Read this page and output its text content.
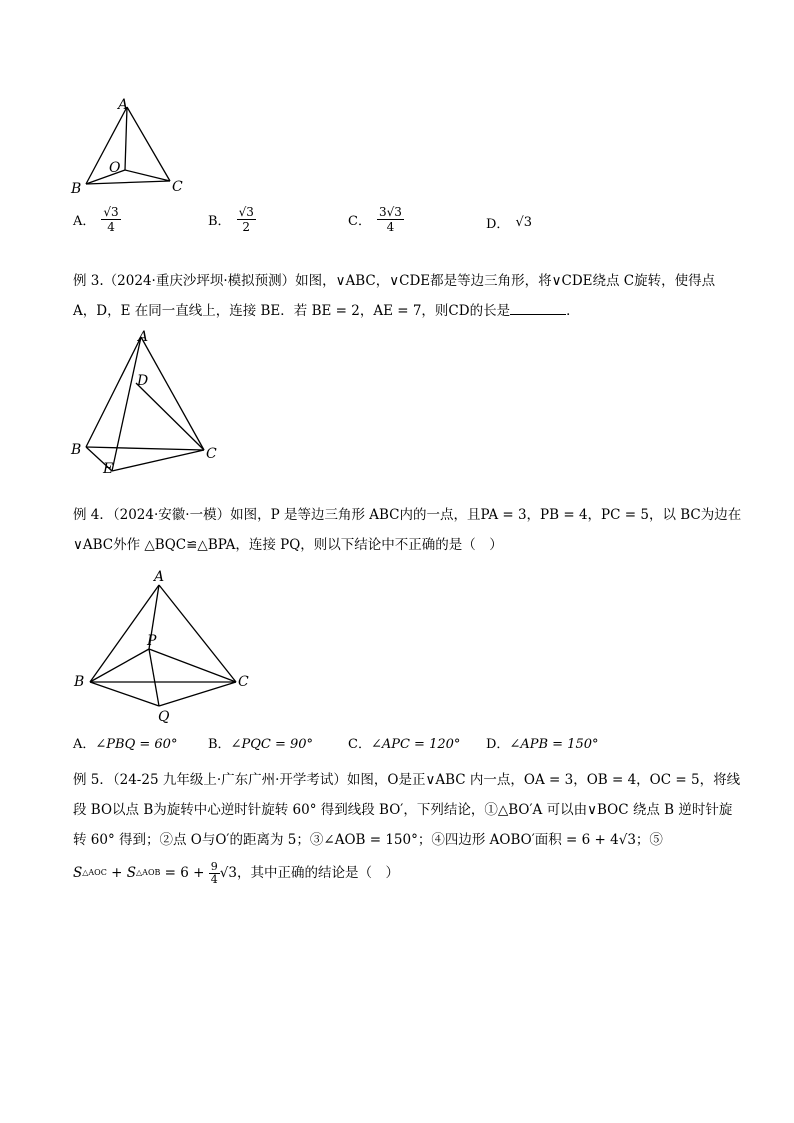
A
B	C
O
A． $\frac{√3}{4}$	B． $\frac{√3}{2}$	C． $\frac{3√3}{4}$	D． √3
例 3.（2024·重庆沙坪坝·模拟预测）如图，∨ABC，∨CDE都是等边三角形，将∨CDE绕点 C旋转，使得点
A，D，E 在同一直线上，连接 BE．若 BE = 2，AE = 7，则CD的长是	．
A
D
B	C
E
例 4．（2024·安徽·一模）如图，P 是等边三角形 ABC内的一点，且PA = 3，PB = 4，PC = 5，以 BC为边在
∨ABC外作 △BQC≌△BPA，连接 PQ，则以下结论中不正确的是（　）
A
P
B	C
Q
A．∠PBQ = 60° B．∠PQC = 90°	C．∠APC = 120° D．∠APB = 150°
例 5．（24-25 九年级上·广东广州·开学考试）如图，O是正∨ABC 内一点，OA = 3，OB = 4，OC = 5，将线
段 BO以点 B为旋转中心逆时针旋转 60° 得到线段 BO′，下列结论，①△BO′A 可以由∨BOC 绕点 B 逆时针旋
转 60° 得到；②点 O与O′的距离为 5；③∠AOB = 150°；④四边形 AOBO′面积 = 6 + 4√3；⑤
S △AOC + S △AOB = $6 + \frac{9}{4} √3$ ，其中正确的结论是（　）
